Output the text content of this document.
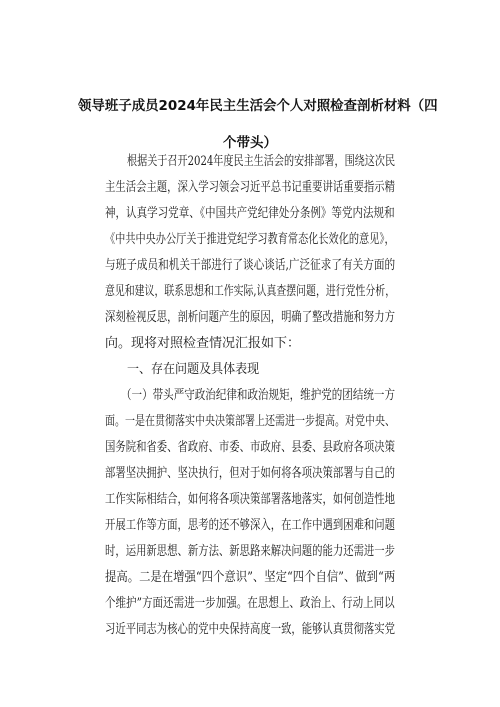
领导班子成员2024年民主生活会个人对照检查剖析材料（四
个带头）
根据关于召开2024年度民主生活会的安排部署，围绕这次民
主生活会主题，深入学习领会习近平总书记重要讲话重要指示精
神，认真学习党章、《中国共产党纪律处分条例》等党内法规和
《中共中央办公厅关于推进党纪学习教育常态化长效化的意见》，
与班子成员和机关干部进行了谈心谈话,广泛征求了有关方面的
意见和建议，联系思想和工作实际,认真查摆问题，进行党性分析，
深刻检视反思，剖析问题产生的原因，明确了整改措施和努力方
向。现将对照检查情况汇报如下：
一、存在问题及具体表现
（一）带头严守政治纪律和政治规矩，维护党的团结统一方
面。一是在贯彻落实中央决策部署上还需进一步提高。对党中央、
国务院和省委、省政府、市委、市政府、县委、县政府各项决策
部署坚决拥护、坚决执行，但对于如何将各项决策部署与自己的
工作实际相结合，如何将各项决策部署落地落实，如何创造性地
开展工作等方面，思考的还不够深入，在工作中遇到困难和问题
时，运用新思想、新方法、新思路来解决问题的能力还需进一步
提高。二是在增强“四个意识”、坚定“四个自信”、做到“两
个维护”方面还需进一步加强。在思想上、政治上、行动上同以
习近平同志为核心的党中央保持高度一致，能够认真贯彻落实党
